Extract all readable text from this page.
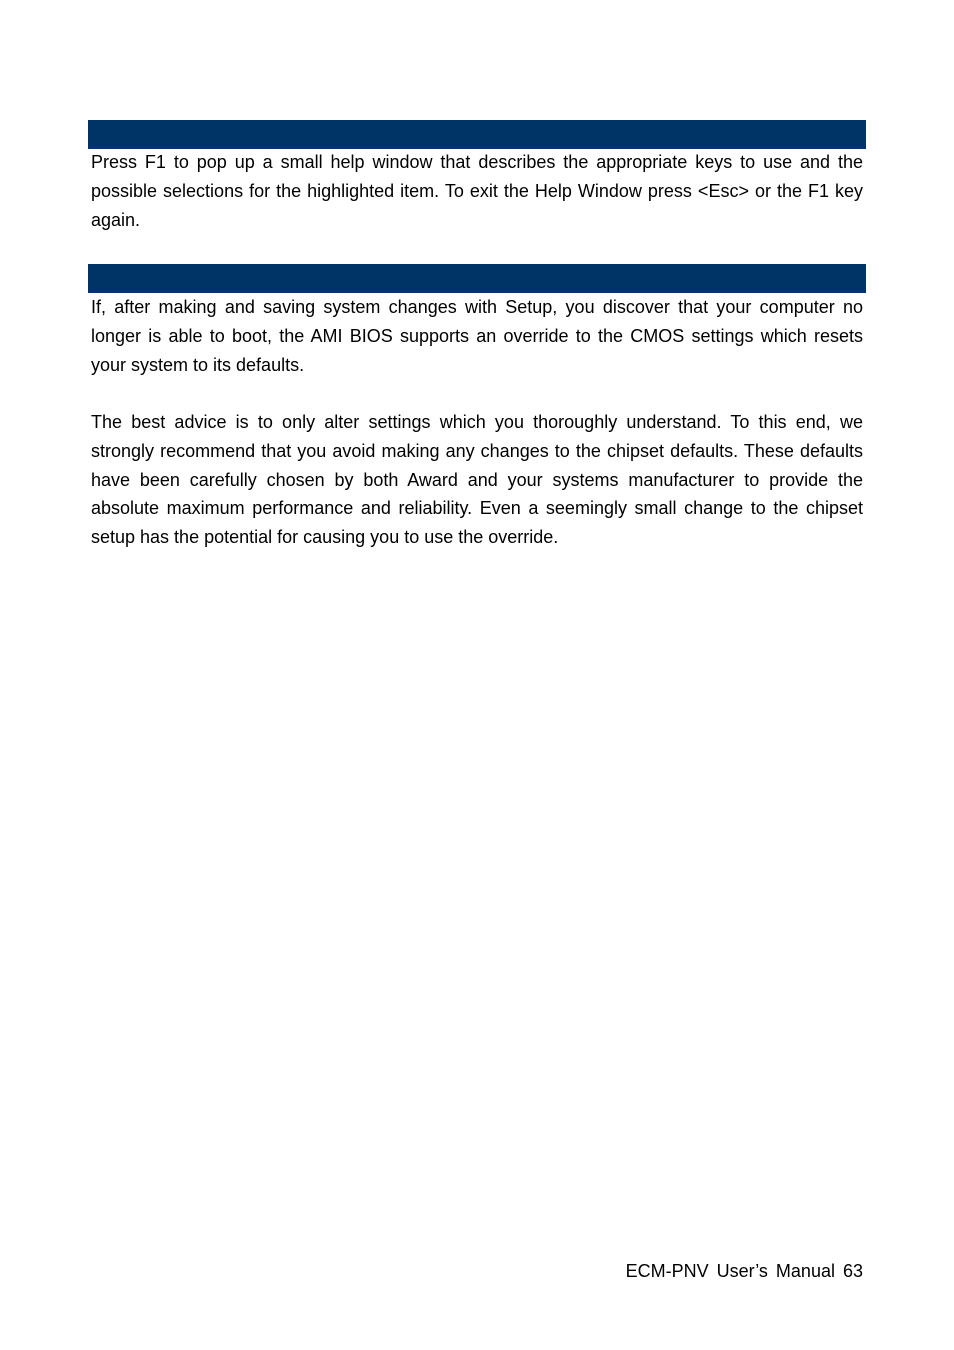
Press F1 to pop up a small help window that describes the appropriate keys to use and the possible selections for the highlighted item. To exit the Help Window press <Esc> or the F1 key again.

If, after making and saving system changes with Setup, you discover that your computer no longer is able to boot, the AMI BIOS supports an override to the CMOS settings which resets your system to its defaults.

The best advice is to only alter settings which you thoroughly understand. To this end, we strongly recommend that you avoid making any changes to the chipset defaults. These defaults have been carefully chosen by both Award and your systems manufacturer to provide the absolute maximum performance and reliability. Even a seemingly small change to the chipset setup has the potential for causing you to use the override.

ECM-PNV User’s Manual 63
